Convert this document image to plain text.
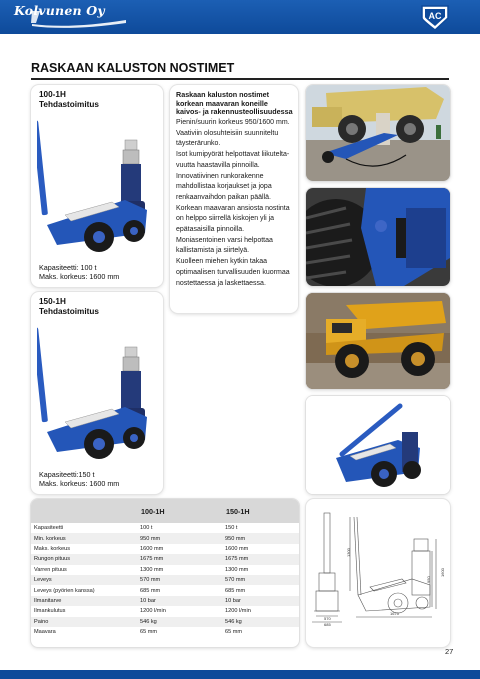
Kolvunen Oy	AC
RASKAAN KALUSTON NOSTIMET
100-1H
Tehdastoimitus
Kapasiteetti: 100 t
Maks. korkeus: 1600 mm
150-1H
Tehdastoimitus
Kapasiteetti:150 t
Maks. korkeus: 1600 mm
Raskaan kaluston nostimet korkean maavaran koneille kaivos- ja rakennusteollisuudessa
Pienin/suurin korkeus 950/1600 mm.
Vaativiin olosuhteisiin suunniteltu
täysterärunko.
Isot kumipyörät helpottavat liikutelta-
vuutta haastavilla pinnoilla.
Innovatiivinen runkorakenne
mahdollistaa korjaukset ja jopa
renkaanvaihdon paikan päällä.
Korkean maavaran ansiosta nostinta
on helppo siirrellä kiskojen yli ja
epätasaisilla pinnoilla.
Moniasentoinen varsi helpottaa
kallistamista ja siirtelyä.
Kuolleen miehen kytkin takaa
optimaalisen turvallisuuden kuormaa
nostettaessa ja laskettaessa.
	100-1H	150-1H
Kapasiteetti	100 t	150 t
Min. korkeus	950 mm	950 mm
Maks. korkeus	1600 mm	1600 mm
Rungon pituus	1675 mm	1675 mm
Varren pituus	1300 mm	1300 mm
Leveys	570 mm	570 mm
Leveys (pyörien kanssa)	685 mm	685 mm
Ilmanitarve	10 bar	10 bar
Ilmankulutus	1200 l/min	1200 l/min
Paino	546 kg	546 kg
Maavara	65 mm	65 mm
570
685
1300
1675
1600
950
27
